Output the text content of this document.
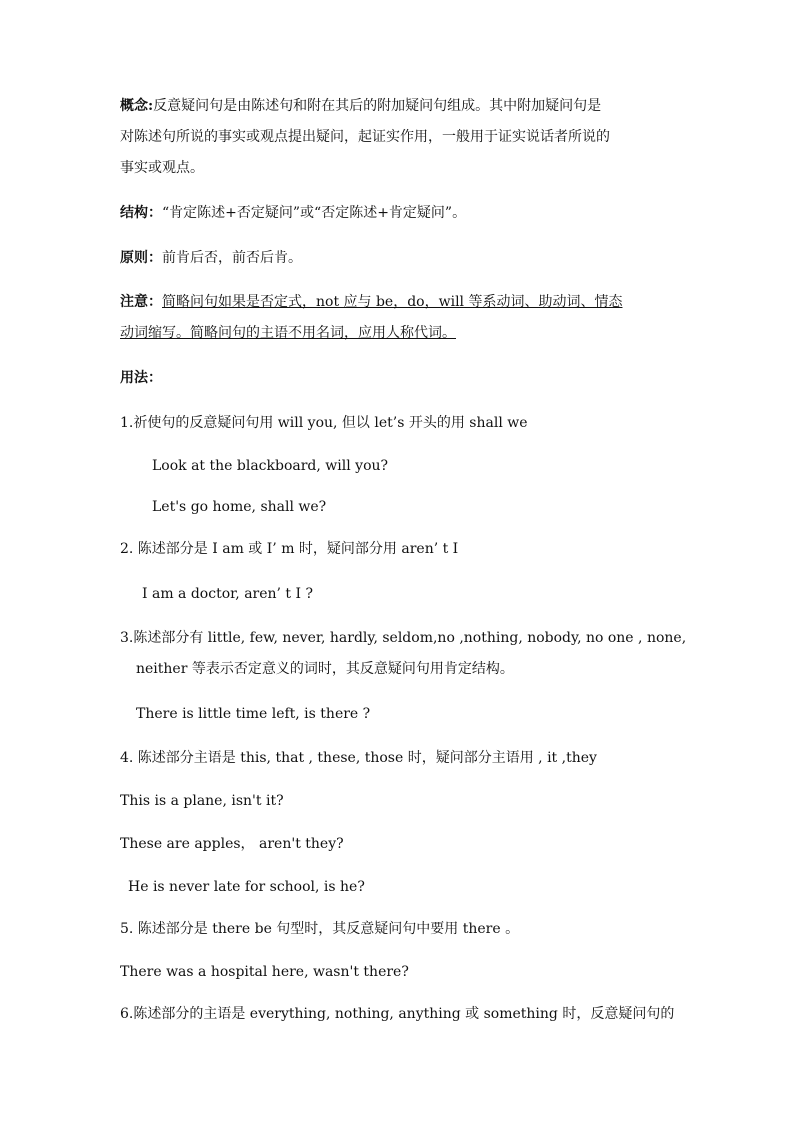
概念:反意疑问句是由陈述句和附在其后的附加疑问句组成。其中附加疑问句是
对陈述句所说的事实或观点提出疑问，起证实作用，一般用于证实说话者所说的
事实或观点。
结构：“肯定陈述+否定疑问”或“否定陈述+肯定疑问”。
原则：前肯后否，前否后肯。
注意：简略问句如果是否定式，not 应与 be，do，will 等系动词、助动词、情态
动词缩写。简略问句的主语不用名词，应用人称代词。
用法：
1.祈使句的反意疑问句用 will you, 但以 let’s 开头的用 shall we
Look at the blackboard, will you?
Let's go home, shall we?
2. 陈述部分是 I am 或 I’ m 时，疑问部分用 aren’ t I
I am a doctor, aren’ t I ?
3.陈述部分有 little, few, never, hardly, seldom,no ,nothing, nobody, no one , none,
neither 等表示否定意义的词时，其反意疑问句用肯定结构。
There is little time left, is there ?
4. 陈述部分主语是 this, that , these, those 时，疑问部分主语用 , it ,they
This is a plane, isn't it?
These are apples， aren't they?
He is never late for school, is he?
5. 陈述部分是 there be 句型时，其反意疑问句中要用 there 。
There was a hospital here, wasn't there?
6.陈述部分的主语是 everything, nothing, anything 或 something 时，反意疑问句的
